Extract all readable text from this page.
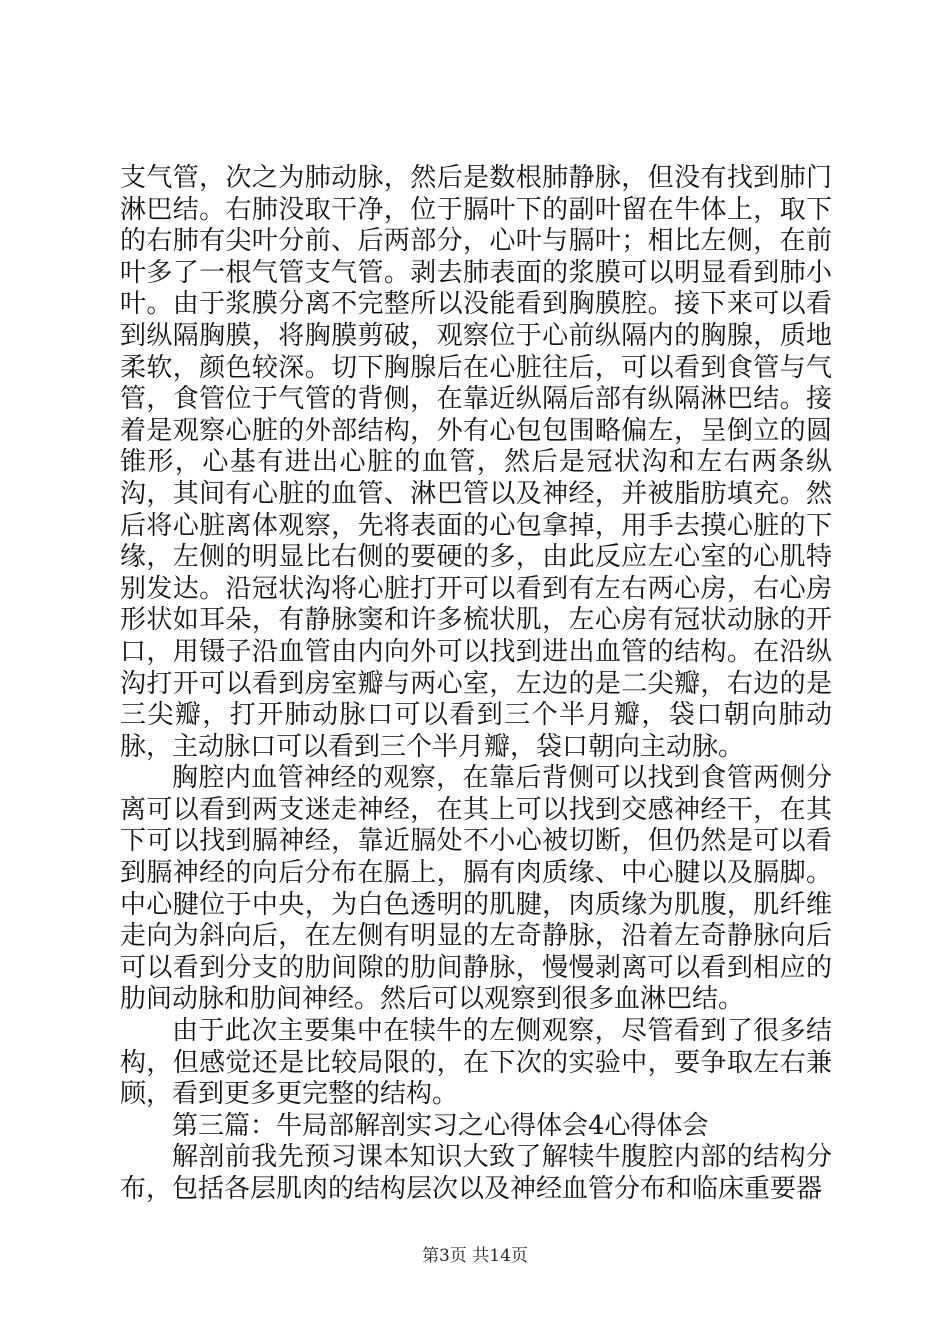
支气管，次之为肺动脉，然后是数根肺静脉，但没有找到肺门淋巴结。右肺没取干净，位于膈叶下的副叶留在牛体上，取下的右肺有尖叶分前、后两部分，心叶与膈叶；相比左侧，在前叶多了一根气管支气管。剥去肺表面的浆膜可以明显看到肺小叶。由于浆膜分离不完整所以没能看到胸膜腔。接下来可以看到纵隔胸膜，将胸膜剪破，观察位于心前纵隔内的胸腺，质地柔软，颜色较深。切下胸腺后在心脏往后，可以看到食管与气管，食管位于气管的背侧，在靠近纵隔后部有纵隔淋巴结。接着是观察心脏的外部结构，外有心包包围略偏左，呈倒立的圆锥形，心基有进出心脏的血管，然后是冠状沟和左右两条纵沟，其间有心脏的血管、淋巴管以及神经，并被脂肪填充。然后将心脏离体观察，先将表面的心包拿掉，用手去摸心脏的下缘，左侧的明显比右侧的要硬的多，由此反应左心室的心肌特别发达。沿冠状沟将心脏打开可以看到有左右两心房，右心房形状如耳朵，有静脉窦和许多梳状肌，左心房有冠状动脉的开口，用镊子沿血管由内向外可以找到进出血管的结构。在沿纵沟打开可以看到房室瓣与两心室，左边的是二尖瓣，右边的是三尖瓣，打开肺动脉口可以看到三个半月瓣，袋口朝向肺动脉，主动脉口可以看到三个半月瓣，袋口朝向主动脉。

胸腔内血管神经的观察，在靠后背侧可以找到食管两侧分离可以看到两支迷走神经，在其上可以找到交感神经干，在其下可以找到膈神经，靠近膈处不小心被切断，但仍然是可以看到膈神经的向后分布在膈上，膈有肉质缘、中心腱以及膈脚。中心腱位于中央，为白色透明的肌腱，肉质缘为肌腹，肌纤维走向为斜向后，在左侧有明显的左奇静脉，沿着左奇静脉向后可以看到分支的肋间隙的肋间静脉，慢慢剥离可以看到相应的肋间动脉和肋间神经。然后可以观察到很多血淋巴结。

由于此次主要集中在犊牛的左侧观察，尽管看到了很多结构，但感觉还是比较局限的，在下次的实验中，要争取左右兼顾，看到更多更完整的结构。

第三篇：牛局部解剖实习之心得体会4心得体会

解剖前我先预习课本知识大致了解犊牛腹腔内部的结构分布，包括各层肌肉的结构层次以及神经血管分布和临床重要器

第3页 共14页
